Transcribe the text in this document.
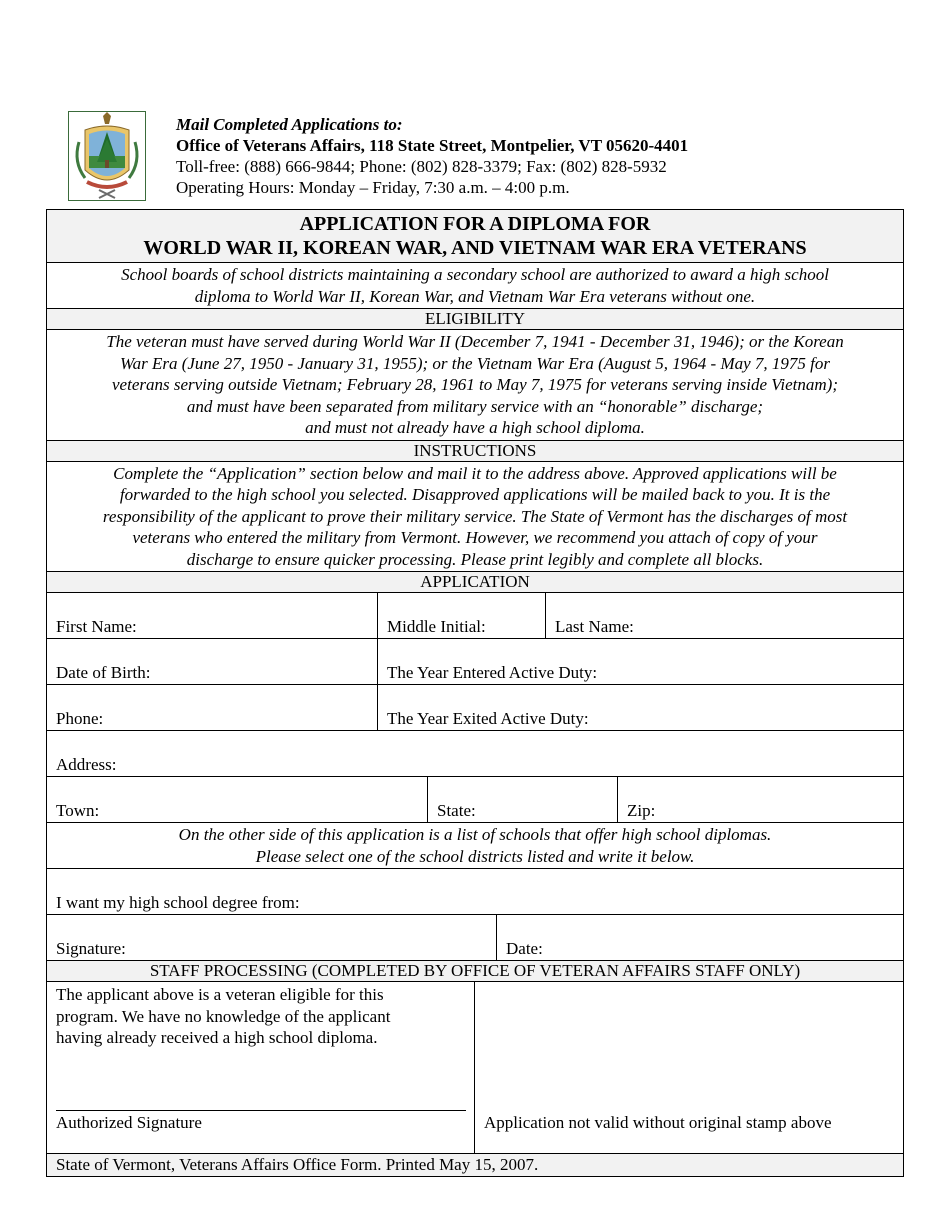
Mail Completed Applications to:
Office of Veterans Affairs, 118 State Street, Montpelier, VT 05620-4401
Toll-free: (888) 666-9844; Phone: (802) 828-3379; Fax: (802) 828-5932
Operating Hours: Monday – Friday, 7:30 a.m. – 4:00 p.m.
APPLICATION FOR A DIPLOMA FOR
WORLD WAR II, KOREAN WAR, AND VIETNAM WAR ERA VETERANS
School boards of school districts maintaining a secondary school are authorized to award a high school
diploma to World War II, Korean War, and Vietnam War Era veterans without one.
ELIGIBILITY
The veteran must have served during World War II (December 7, 1941 - December 31, 1946); or the Korean
War Era (June 27, 1950 - January 31, 1955); or the Vietnam War Era (August 5, 1964 - May 7, 1975 for
veterans serving outside Vietnam; February 28, 1961 to May 7, 1975 for veterans serving inside Vietnam);
and must have been separated from military service with an “honorable” discharge;
and must not already have a high school diploma.
INSTRUCTIONS
Complete the “Application” section below and mail it to the address above. Approved applications will be
forwarded to the high school you selected. Disapproved applications will be mailed back to you. It is the
responsibility of the applicant to prove their military service. The State of Vermont has the discharges of most
veterans who entered the military from Vermont. However, we recommend you attach of copy of your
discharge to ensure quicker processing. Please print legibly and complete all blocks.
APPLICATION
First Name:	Middle Initial:	Last Name:
Date of Birth:	The Year Entered Active Duty:
Phone:	The Year Exited Active Duty:
Address:
Town:	State:	Zip:
On the other side of this application is a list of schools that offer high school diplomas.
Please select one of the school districts listed and write it below.
I want my high school degree from:
Signature:	Date:
STAFF PROCESSING (COMPLETED BY OFFICE OF VETERAN AFFAIRS STAFF ONLY)
The applicant above is a veteran eligible for this
program. We have no knowledge of the applicant
having already received a high school diploma.
Authorized Signature	Application not valid without original stamp above
State of Vermont, Veterans Affairs Office Form. Printed May 15, 2007.
